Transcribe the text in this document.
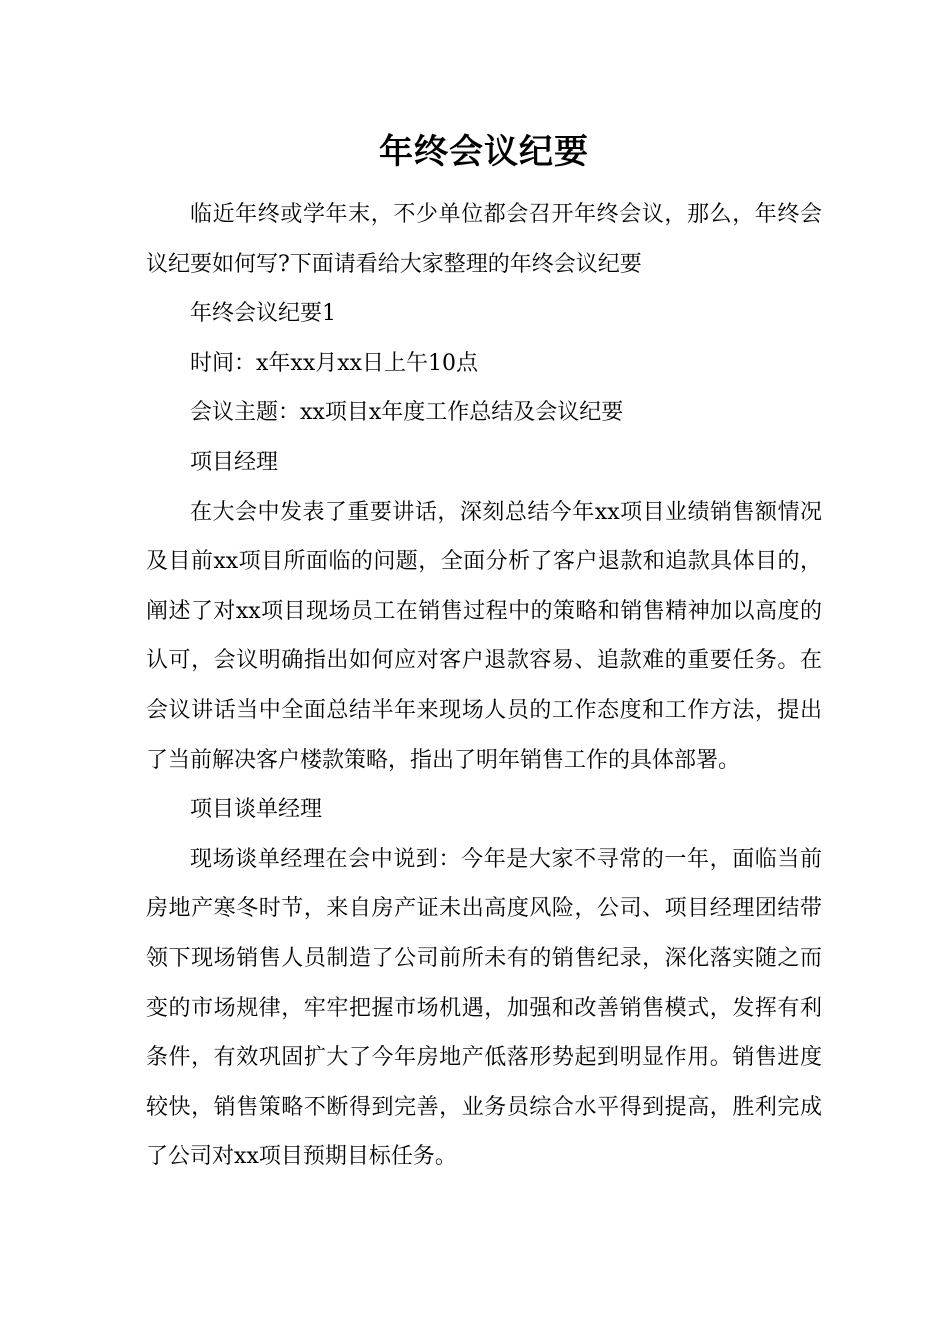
年终会议纪要

临近年终或学年末，不少单位都会召开年终会议，那么，年终会议纪要如何写?下面请看给大家整理的年终会议纪要

年终会议纪要1

时间：x年xx月xx日上午10点

会议主题：xx项目x年度工作总结及会议纪要

项目经理

在大会中发表了重要讲话，深刻总结今年xx项目业绩销售额情况及目前xx项目所面临的问题，全面分析了客户退款和追款具体目的，阐述了对xx项目现场员工在销售过程中的策略和销售精神加以高度的认可，会议明确指出如何应对客户退款容易、追款难的重要任务。在会议讲话当中全面总结半年来现场人员的工作态度和工作方法，提出了当前解决客户楼款策略，指出了明年销售工作的具体部署。

项目谈单经理

现场谈单经理在会中说到：今年是大家不寻常的一年，面临当前房地产寒冬时节，来自房产证未出高度风险，公司、项目经理团结带领下现场销售人员制造了公司前所未有的销售纪录，深化落实随之而变的市场规律，牢牢把握市场机遇，加强和改善销售模式，发挥有利条件，有效巩固扩大了今年房地产低落形势起到明显作用。销售进度较快，销售策略不断得到完善，业务员综合水平得到提高，胜利完成了公司对xx项目预期目标任务。
